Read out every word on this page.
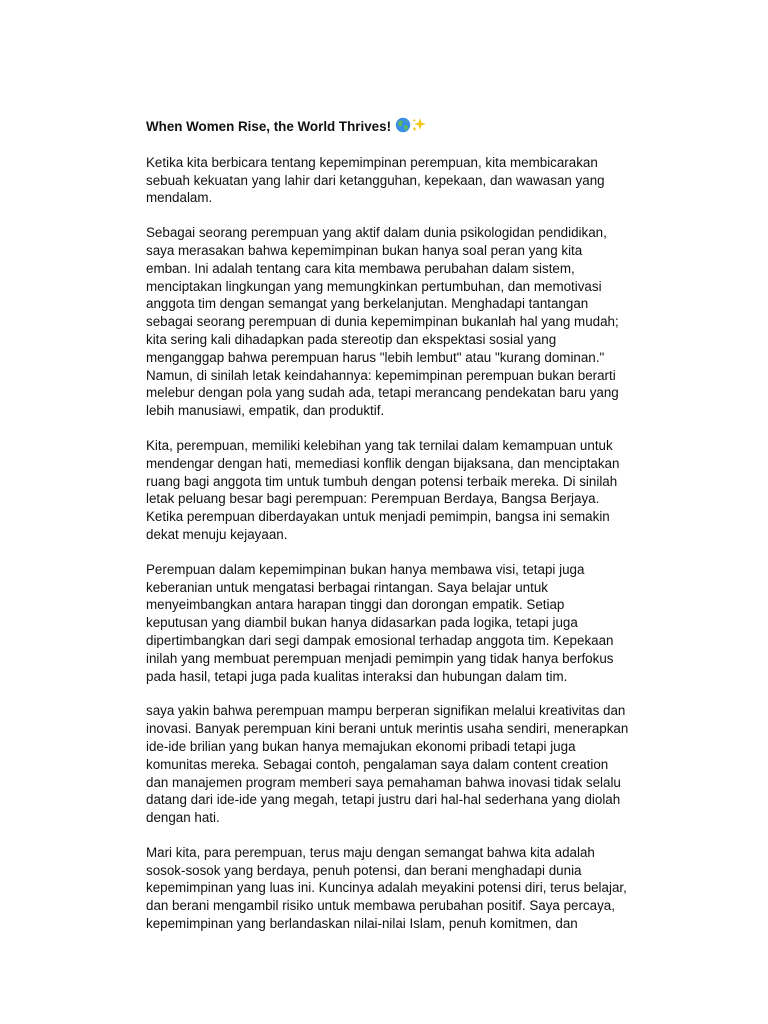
When Women Rise, the World Thrives!
Ketika kita berbicara tentang kepemimpinan perempuan, kita membicarakan
sebuah kekuatan yang lahir dari ketangguhan, kepekaan, dan wawasan yang
mendalam.
Sebagai seorang perempuan yang aktif dalam dunia psikologidan pendidikan,
saya merasakan bahwa kepemimpinan bukan hanya soal peran yang kita
emban. Ini adalah tentang cara kita membawa perubahan dalam sistem,
menciptakan lingkungan yang memungkinkan pertumbuhan, dan memotivasi
anggota tim dengan semangat yang berkelanjutan. Menghadapi tantangan
sebagai seorang perempuan di dunia kepemimpinan bukanlah hal yang mudah;
kita sering kali dihadapkan pada stereotip dan ekspektasi sosial yang
menganggap bahwa perempuan harus "lebih lembut" atau "kurang dominan."
Namun, di sinilah letak keindahannya: kepemimpinan perempuan bukan berarti
melebur dengan pola yang sudah ada, tetapi merancang pendekatan baru yang
lebih manusiawi, empatik, dan produktif.
Kita, perempuan, memiliki kelebihan yang tak ternilai dalam kemampuan untuk
mendengar dengan hati, memediasi konflik dengan bijaksana, dan menciptakan
ruang bagi anggota tim untuk tumbuh dengan potensi terbaik mereka. Di sinilah
letak peluang besar bagi perempuan: Perempuan Berdaya, Bangsa Berjaya.
Ketika perempuan diberdayakan untuk menjadi pemimpin, bangsa ini semakin
dekat menuju kejayaan.
Perempuan dalam kepemimpinan bukan hanya membawa visi, tetapi juga
keberanian untuk mengatasi berbagai rintangan. Saya belajar untuk
menyeimbangkan antara harapan tinggi dan dorongan empatik. Setiap
keputusan yang diambil bukan hanya didasarkan pada logika, tetapi juga
dipertimbangkan dari segi dampak emosional terhadap anggota tim. Kepekaan
inilah yang membuat perempuan menjadi pemimpin yang tidak hanya berfokus
pada hasil, tetapi juga pada kualitas interaksi dan hubungan dalam tim.
saya yakin bahwa perempuan mampu berperan signifikan melalui kreativitas dan
inovasi. Banyak perempuan kini berani untuk merintis usaha sendiri, menerapkan
ide-ide brilian yang bukan hanya memajukan ekonomi pribadi tetapi juga
komunitas mereka. Sebagai contoh, pengalaman saya dalam content creation
dan manajemen program memberi saya pemahaman bahwa inovasi tidak selalu
datang dari ide-ide yang megah, tetapi justru dari hal-hal sederhana yang diolah
dengan hati.
Mari kita, para perempuan, terus maju dengan semangat bahwa kita adalah
sosok-sosok yang berdaya, penuh potensi, dan berani menghadapi dunia
kepemimpinan yang luas ini. Kuncinya adalah meyakini potensi diri, terus belajar,
dan berani mengambil risiko untuk membawa perubahan positif. Saya percaya,
kepemimpinan yang berlandaskan nilai-nilai Islam, penuh komitmen, dan
